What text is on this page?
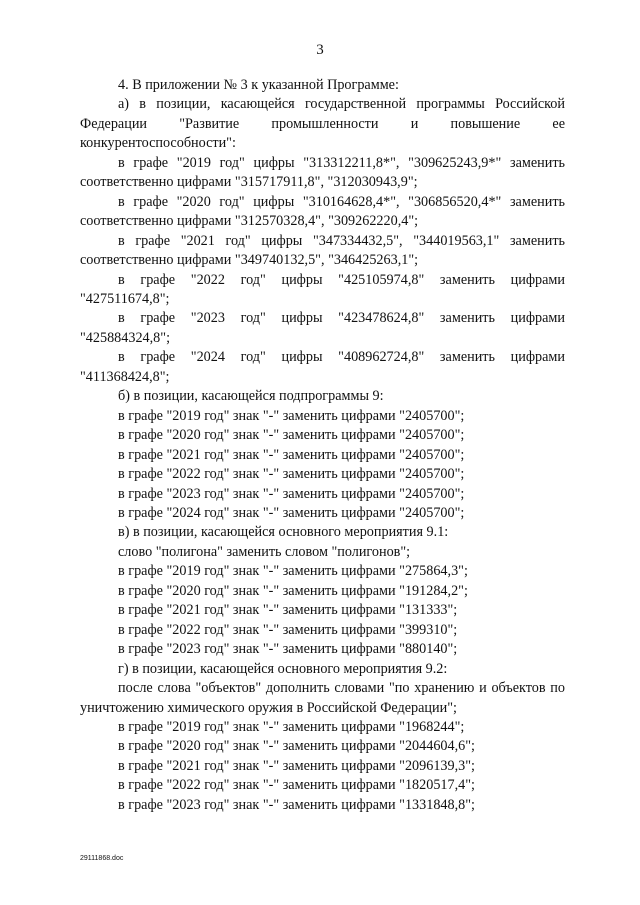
3

4. В приложении № 3 к указанной Программе:

а) в позиции, касающейся государственной программы Российской Федерации "Развитие промышленности и повышение ее конкурентоспособности":

в графе "2019 год" цифры "313312211,8*", "309625243,9*" заменить соответственно цифрами "315717911,8", "312030943,9";

в графе "2020 год" цифры "310164628,4*", "306856520,4*" заменить соответственно цифрами "312570328,4", "309262220,4";

в графе "2021 год" цифры "347334432,5", "344019563,1" заменить соответственно цифрами "349740132,5", "346425263,1";

в графе "2022 год" цифры "425105974,8" заменить цифрами "427511674,8";

в графе "2023 год" цифры "423478624,8" заменить цифрами "425884324,8";

в графе "2024 год" цифры "408962724,8" заменить цифрами "411368424,8";

б) в позиции, касающейся подпрограммы 9:

в графе "2019 год" знак "-" заменить цифрами "2405700";

в графе "2020 год" знак "-" заменить цифрами "2405700";

в графе "2021 год" знак "-" заменить цифрами "2405700";

в графе "2022 год" знак "-" заменить цифрами "2405700";

в графе "2023 год" знак "-" заменить цифрами "2405700";

в графе "2024 год" знак "-" заменить цифрами "2405700";

в) в позиции, касающейся основного мероприятия 9.1:

слово "полигона" заменить словом "полигонов";

в графе "2019 год" знак "-" заменить цифрами "275864,3";

в графе "2020 год" знак "-" заменить цифрами "191284,2";

в графе "2021 год" знак "-" заменить цифрами "131333";

в графе "2022 год" знак "-" заменить цифрами "399310";

в графе "2023 год" знак "-" заменить цифрами "880140";

г) в позиции, касающейся основного мероприятия 9.2:

после слова "объектов" дополнить словами "по хранению и объектов по уничтожению химического оружия в Российской Федерации";

в графе "2019 год" знак "-" заменить цифрами "1968244";

в графе "2020 год" знак "-" заменить цифрами "2044604,6";

в графе "2021 год" знак "-" заменить цифрами "2096139,3";

в графе "2022 год" знак "-" заменить цифрами "1820517,4";

в графе "2023 год" знак "-" заменить цифрами "1331848,8";

29111868.doc
